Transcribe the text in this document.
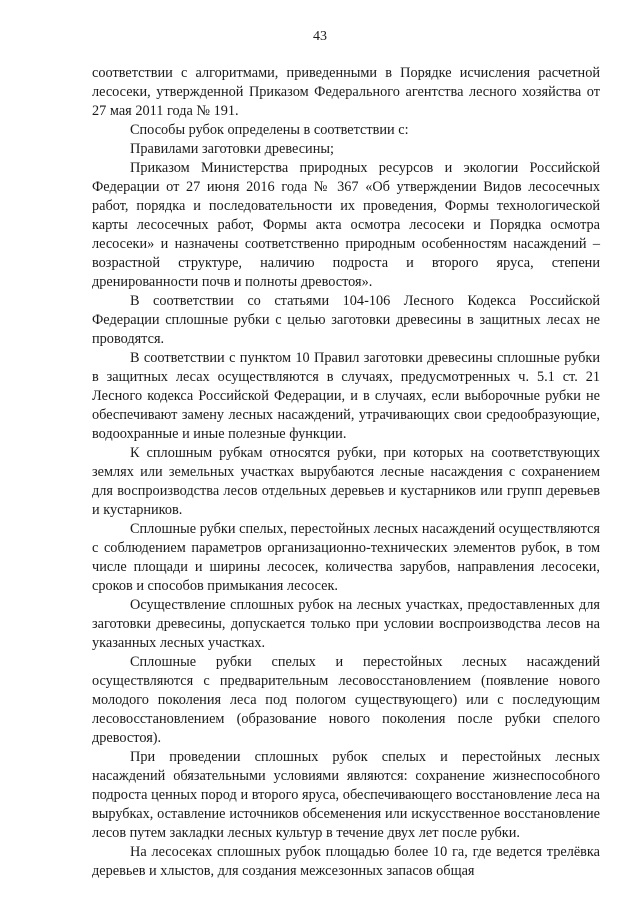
43

соответствии с алгоритмами, приведенными в Порядке исчисления расчетной лесосеки, утвержденной Приказом Федерального агентства лесного хозяйства от 27 мая 2011 года № 191.

Способы рубок определены в соответствии с:

Правилами заготовки древесины;

Приказом Министерства природных ресурсов и экологии Российской Федерации от 27 июня 2016 года № 367 «Об утверждении Видов лесосечных работ, порядка и последовательности их проведения, Формы технологической карты лесосечных работ, Формы акта осмотра лесосеки и Порядка осмотра лесосеки» и назначены соответственно природным особенностям насаждений – возрастной структуре, наличию подроста и второго яруса, степени дренированности почв и полноты древостоя».

В соответствии со статьями 104-106 Лесного Кодекса Российской Федерации сплошные рубки с целью заготовки древесины в защитных лесах не проводятся.

В соответствии с пунктом 10 Правил заготовки древесины сплошные рубки в защитных лесах осуществляются в случаях, предусмотренных ч. 5.1 ст. 21 Лесного кодекса Российской Федерации, и в случаях, если выборочные рубки не обеспечивают замену лесных насаждений, утрачивающих свои средообразующие, водоохранные и иные полезные функции.

К сплошным рубкам относятся рубки, при которых на соответствующих землях или земельных участках вырубаются лесные насаждения с сохранением для воспроизводства лесов отдельных деревьев и кустарников или групп деревьев и кустарников.

Сплошные рубки спелых, перестойных лесных насаждений осуществляются с соблюдением параметров организационно-технических элементов рубок, в том числе площади и ширины лесосек, количества зарубов, направления лесосеки, сроков и способов примыкания лесосек.

Осуществление сплошных рубок на лесных участках, предоставленных для заготовки древесины, допускается только при условии воспроизводства лесов на указанных лесных участках.

Сплошные рубки спелых и перестойных лесных насаждений осуществляются с предварительным лесовосстановлением (появление нового молодого поколения леса под пологом существующего) или с последующим лесовосстановлением (образование нового поколения после рубки спелого древостоя).

При проведении сплошных рубок спелых и перестойных лесных насаждений обязательными условиями являются: сохранение жизнеспособного подроста ценных пород и второго яруса, обеспечивающего восстановление леса на вырубках, оставление источников обсеменения или искусственное восстановление лесов путем закладки лесных культур в течение двух лет после рубки.

На лесосеках сплошных рубок площадью более 10 га, где ведется трелёвка деревьев и хлыстов, для создания межсезонных запасов общая
